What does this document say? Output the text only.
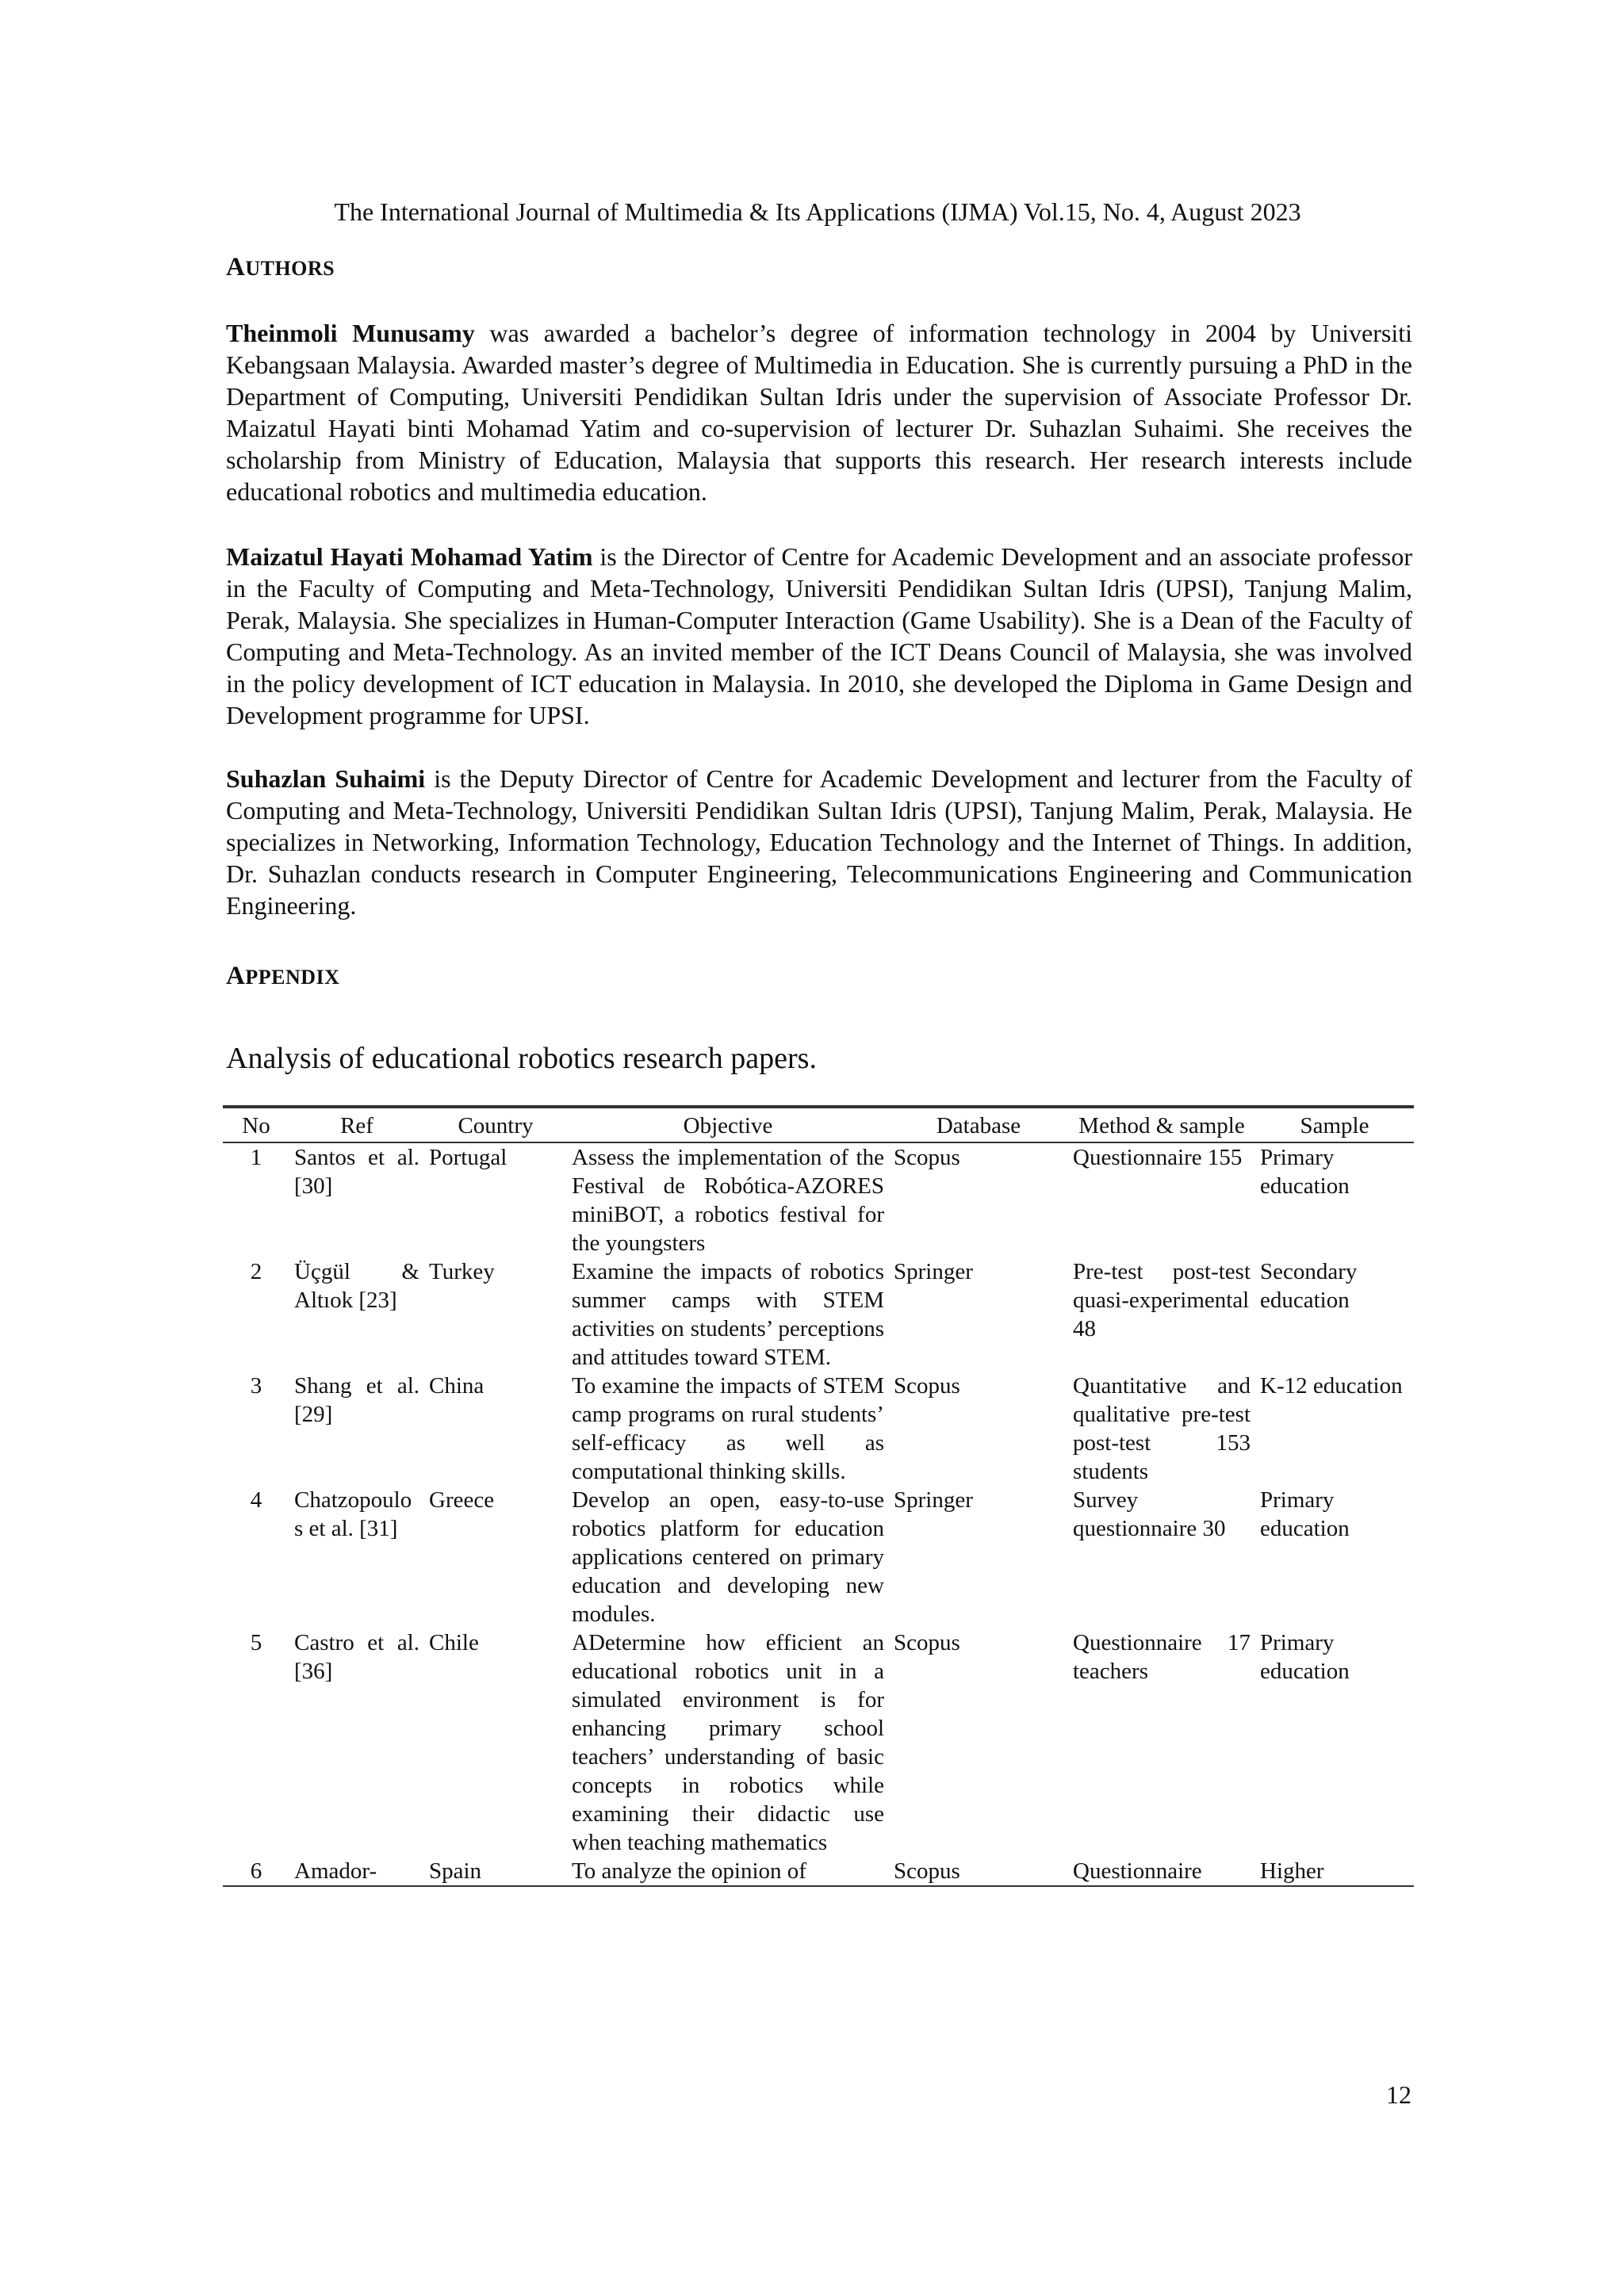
The International Journal of Multimedia & Its Applications (IJMA) Vol.15, No. 4, August 2023
AUTHORS
Theinmoli Munusamy was awarded a bachelor’s degree of information technology in 2004 by Universiti Kebangsaan Malaysia. Awarded master’s degree of Multimedia in Education. She is currently pursuing a PhD in the Department of Computing, Universiti Pendidikan Sultan Idris under the supervision of Associate Professor Dr. Maizatul Hayati binti Mohamad Yatim and co-supervision of lecturer Dr. Suhazlan Suhaimi. She receives the scholarship from Ministry of Education, Malaysia that supports this research. Her research interests include educational robotics and multimedia education.
Maizatul Hayati Mohamad Yatim is the Director of Centre for Academic Development and an associate professor in the Faculty of Computing and Meta-Technology, Universiti Pendidikan Sultan Idris (UPSI), Tanjung Malim, Perak, Malaysia. She specializes in Human-Computer Interaction (Game Usability). She is a Dean of the Faculty of Computing and Meta-Technology. As an invited member of the ICT Deans Council of Malaysia, she was involved in the policy development of ICT education in Malaysia. In 2010, she developed the Diploma in Game Design and Development programme for UPSI.
Suhazlan Suhaimi is the Deputy Director of Centre for Academic Development and lecturer from the Faculty of Computing and Meta-Technology, Universiti Pendidikan Sultan Idris (UPSI), Tanjung Malim, Perak, Malaysia. He specializes in Networking, Information Technology, Education Technology and the Internet of Things. In addition, Dr. Suhazlan conducts research in Computer Engineering, Telecommunications Engineering and Communication Engineering.
APPENDIX
Analysis of educational robotics research papers.
No	Ref	Country	Objective	Database	Method & sample	Sample
1	Santos et al. [30]	Portugal	Assess the implementation of the Festival de Robótica-AZORES miniBOT, a robotics festival for the youngsters	Scopus	Questionnaire 155	Primary education
2	Üçgül & Altıok [23]	Turkey	Examine the impacts of robotics summer camps with STEM activities on students’ perceptions and attitudes toward STEM.	Springer	Pre-test post-test quasi-experimental 48	Secondary education
3	Shang et al. [29]	China	To examine the impacts of STEM camp programs on rural students’ self-efficacy as well as computational thinking skills.	Scopus	Quantitative and qualitative pre-test post-test 153 students	K-12 education
4	Chatzopoulos et al. [31]	Greece	Develop an open, easy-to-use robotics platform for education applications centered on primary education and developing new modules.	Springer	Survey questionnaire 30	Primary education
5	Castro et al. [36]	Chile	ADetermine how efficient an educational robotics unit in a simulated environment is for enhancing primary school teachers’ understanding of basic concepts in robotics while examining their didactic use when teaching mathematics	Scopus	Questionnaire 17 teachers	Primary education
6	Amador-	Spain	To analyze the opinion of	Scopus	Questionnaire	Higher
12
